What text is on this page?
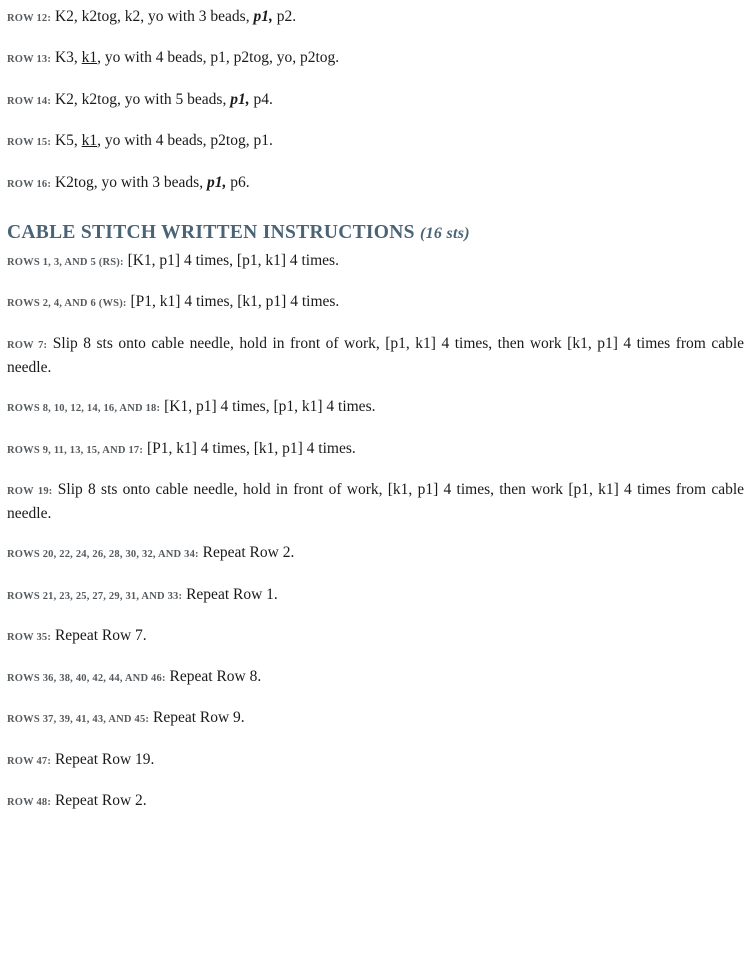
ROW 12: K2, k2tog, k2, yo with 3 beads, p1, p2.

ROW 13: K3, k1, yo with 4 beads, p1, p2tog, yo, p2tog.

ROW 14: K2, k2tog, yo with 5 beads, p1, p4.

ROW 15: K5, k1, yo with 4 beads, p2tog, p1.

ROW 16: K2tog, yo with 3 beads, p1, p6.

CABLE STITCH WRITTEN INSTRUCTIONS (16 sts)

ROWS 1, 3, AND 5 (RS): [K1, p1] 4 times, [p1, k1] 4 times.

ROWS 2, 4, AND 6 (WS): [P1, k1] 4 times, [k1, p1] 4 times.

ROW 7: Slip 8 sts onto cable needle, hold in front of work, [p1, k1] 4 times, then work [k1, p1] 4 times from cable needle.

ROWS 8, 10, 12, 14, 16, AND 18: [K1, p1] 4 times, [p1, k1] 4 times.

ROWS 9, 11, 13, 15, AND 17: [P1, k1] 4 times, [k1, p1] 4 times.

ROW 19: Slip 8 sts onto cable needle, hold in front of work, [k1, p1] 4 times, then work [p1, k1] 4 times from cable needle.

ROWS 20, 22, 24, 26, 28, 30, 32, AND 34: Repeat Row 2.

ROWS 21, 23, 25, 27, 29, 31, AND 33: Repeat Row 1.

ROW 35: Repeat Row 7.

ROWS 36, 38, 40, 42, 44, AND 46: Repeat Row 8.

ROWS 37, 39, 41, 43, AND 45: Repeat Row 9.

ROW 47: Repeat Row 19.

ROW 48: Repeat Row 2.
